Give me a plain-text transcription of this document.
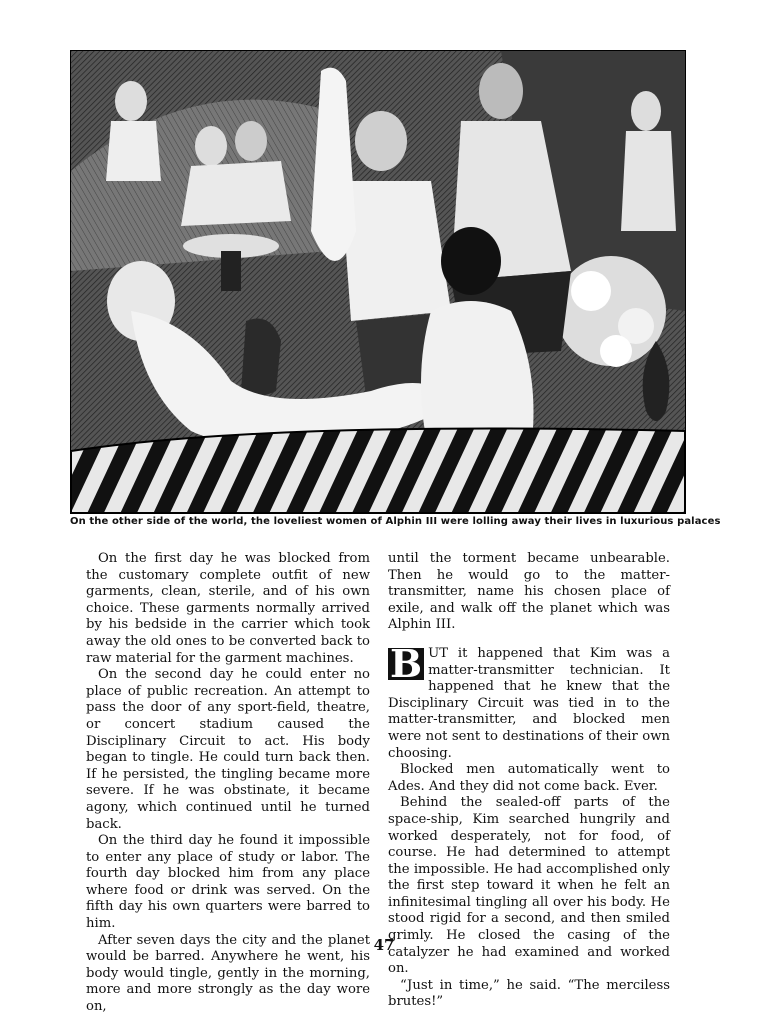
On the other side of the world, the loveliest women of Alphin III were lolling away their lives in luxurious palaces

On the first day he was blocked from the customary complete outfit of new garments, clean, sterile, and of his own choice. These garments normally arrived by his bedside in the carrier which took away the old ones to be converted back to raw material for the garment machines.

On the second day he could enter no place of public recreation. An attempt to pass the door of any sport-field, theatre, or concert stadium caused the Disciplinary Circuit to act. His body began to tingle. He could turn back then. If he persisted, the tingling became more severe. If he was obstinate, it became agony, which continued until he turned back.

On the third day he found it impossible to enter any place of study or labor. The fourth day blocked him from any place where food or drink was served. On the fifth day his own quarters were barred to him.

After seven days the city and the planet would be barred. Anywhere he went, his body would tingle, gently in the morning, more and more strongly as the day wore on,

until the torment became unbearable. Then he would go to the matter-transmitter, name his chosen place of exile, and walk off the planet which was Alphin III.

B UT it happened that Kim was a matter-transmitter technician. It happened that he knew that the Disciplinary Circuit was tied in to the matter-transmitter, and blocked men were not sent to destinations of their own choosing.

Blocked men automatically went to Ades. And they did not come back. Ever.

Behind the sealed-off parts of the space-ship, Kim searched hungrily and worked desperately, not for food, of course. He had determined to attempt the impossible. He had accomplished only the first step toward it when he felt an infinitesimal tingling all over his body. He stood rigid for a second, and then smiled grimly. He closed the casing of the catalyzer he had examined and worked on.

“Just in time,” he said. “The merciless brutes!”

47
